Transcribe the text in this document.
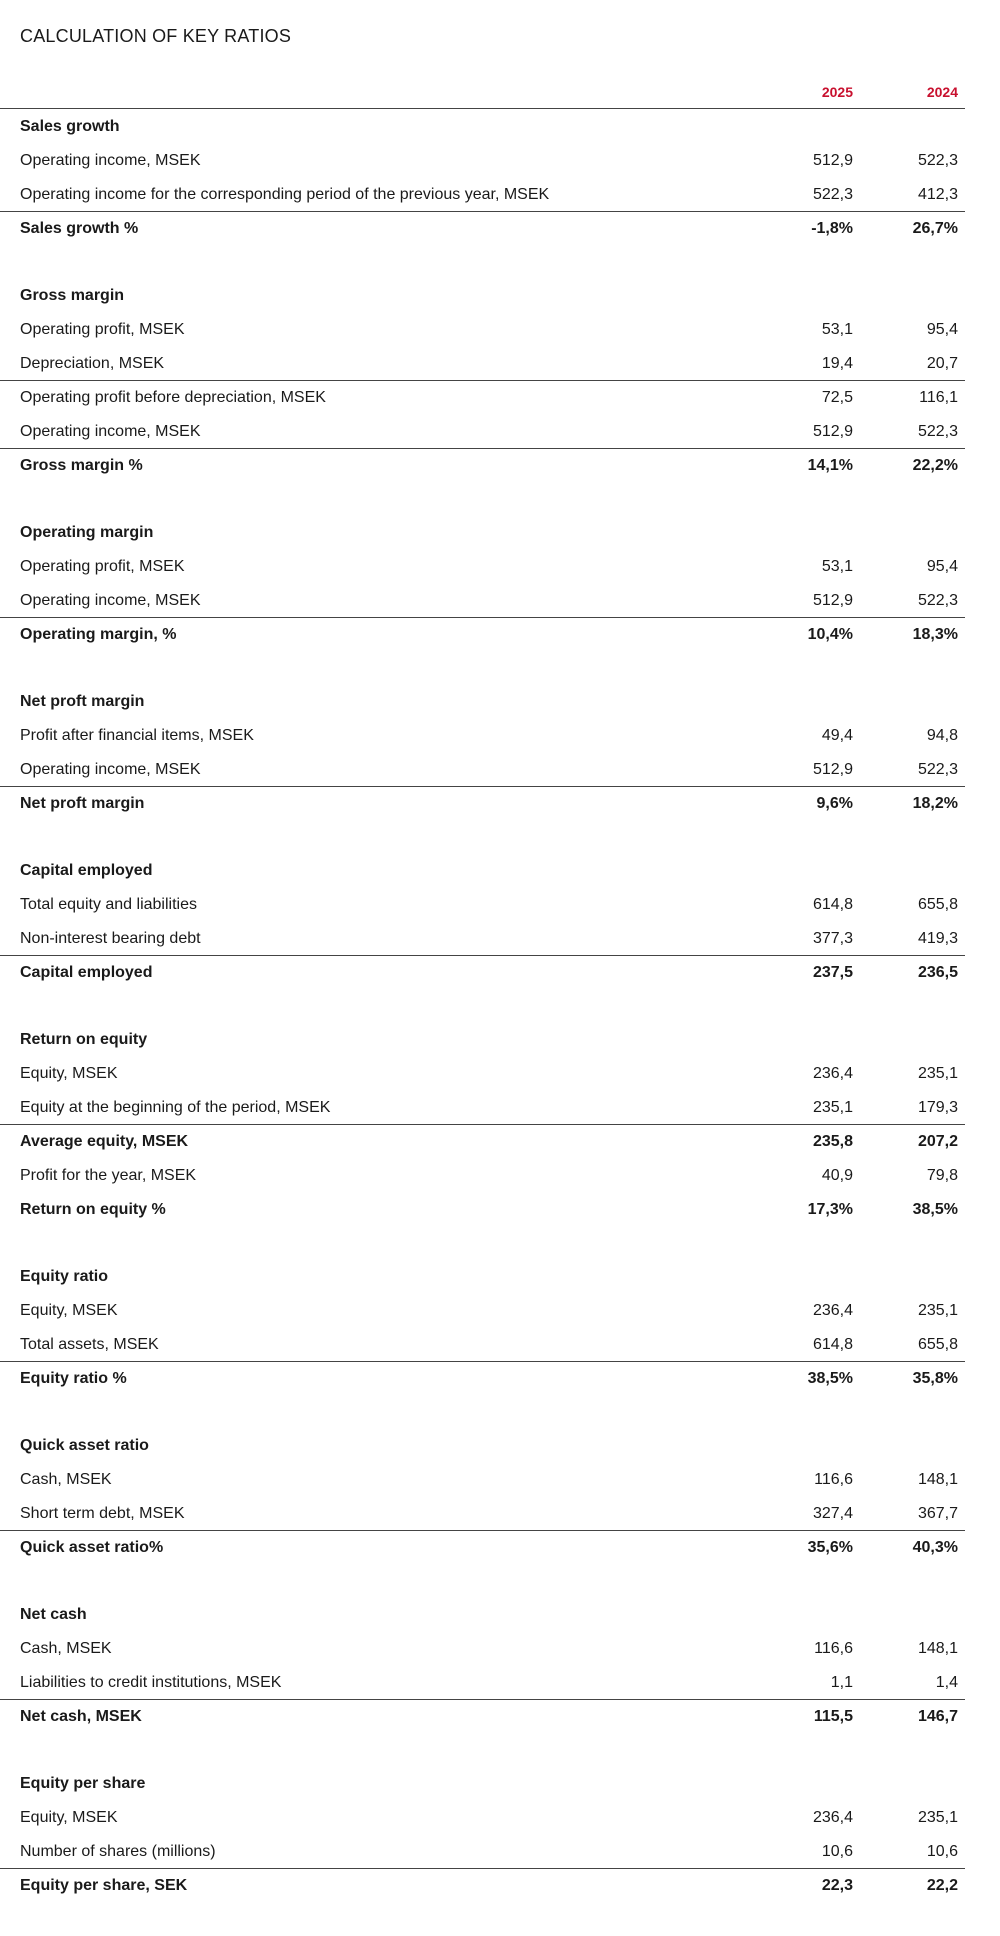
CALCULATION OF KEY RATIOS
2025	2024
Sales growth
Operating income, MSEK	512,9	522,3
Operating income for the corresponding period of the previous year, MSEK	522,3	412,3
Sales growth %	-1,8%	26,7%
Gross margin
Operating profit, MSEK	53,1	95,4
Depreciation, MSEK	19,4	20,7
Operating profit before depreciation, MSEK	72,5	116,1
Operating income, MSEK	512,9	522,3
Gross margin %	14,1%	22,2%
Operating margin
Operating profit, MSEK	53,1	95,4
Operating income, MSEK	512,9	522,3
Operating margin, %	10,4%	18,3%
Net proft margin
Profit after financial items, MSEK	49,4	94,8
Operating income, MSEK	512,9	522,3
Net proft margin	9,6%	18,2%
Capital employed
Total equity and liabilities	614,8	655,8
Non-interest bearing debt	377,3	419,3
Capital employed	237,5	236,5
Return on equity
Equity, MSEK	236,4	235,1
Equity at the beginning of the period, MSEK	235,1	179,3
Average equity, MSEK	235,8	207,2
Profit for the year, MSEK	40,9	79,8
Return on equity %	17,3%	38,5%
Equity ratio
Equity, MSEK	236,4	235,1
Total assets, MSEK	614,8	655,8
Equity ratio %	38,5%	35,8%
Quick asset ratio
Cash, MSEK	116,6	148,1
Short term debt, MSEK	327,4	367,7
Quick asset ratio%	35,6%	40,3%
Net cash
Cash, MSEK	116,6	148,1
Liabilities to credit institutions, MSEK	1,1	1,4
Net cash, MSEK	115,5	146,7
Equity per share
Equity, MSEK	236,4	235,1
Number of shares (millions)	10,6	10,6
Equity per share, SEK	22,3	22,2
